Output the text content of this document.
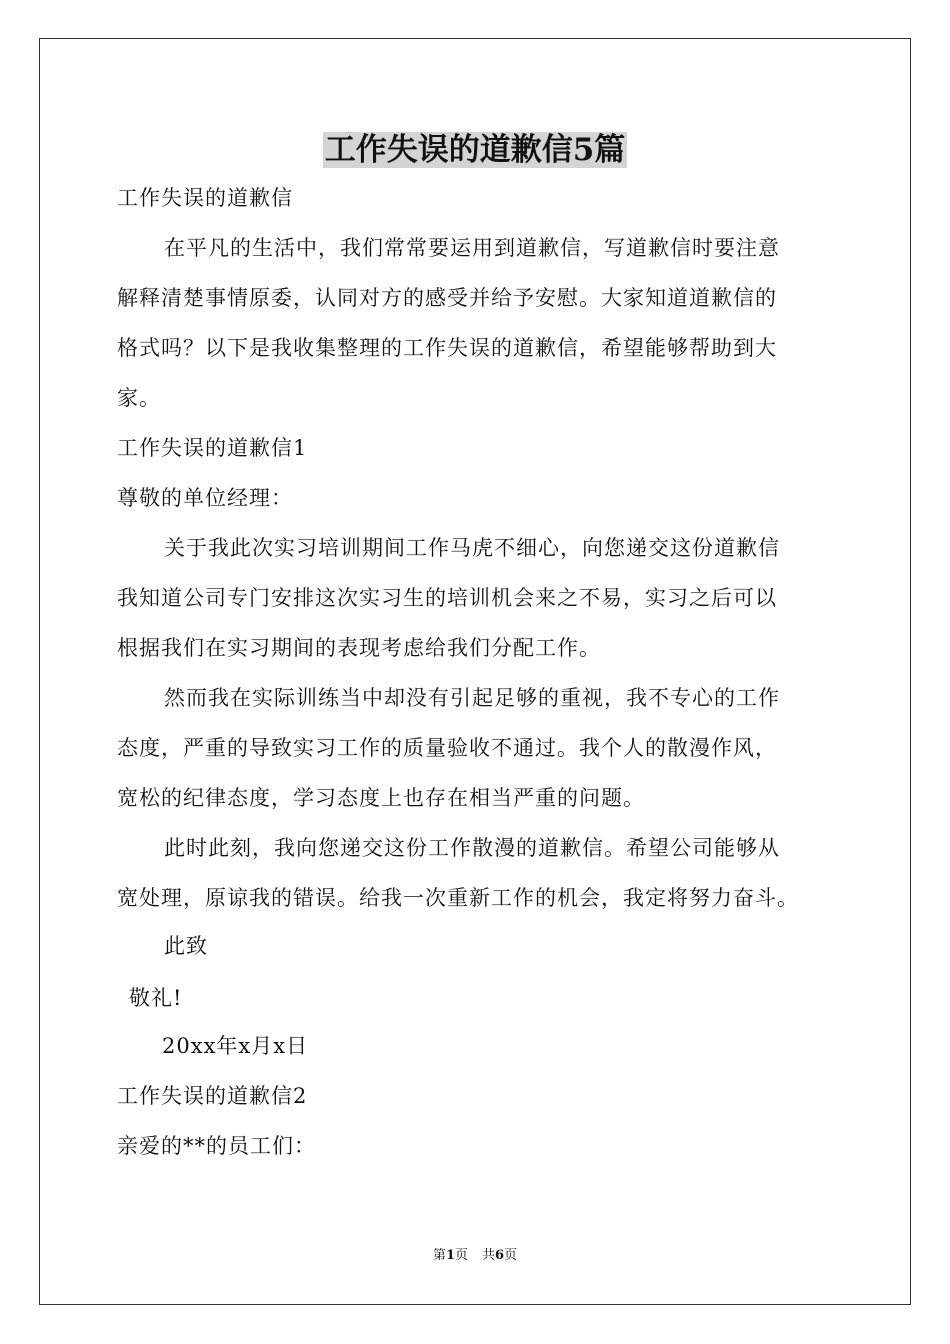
工作失误的道歉信5篇
工作失误的道歉信
在平凡的生活中，我们常常要运用到道歉信，写道歉信时要注意
解释清楚事情原委，认同对方的感受并给予安慰。大家知道道歉信的
格式吗？以下是我收集整理的工作失误的道歉信，希望能够帮助到大
家。
工作失误的道歉信1
尊敬的单位经理：
关于我此次实习培训期间工作马虎不细心，向您递交这份道歉信
我知道公司专门安排这次实习生的培训机会来之不易，实习之后可以
根据我们在实习期间的表现考虑给我们分配工作。
然而我在实际训练当中却没有引起足够的重视，我不专心的工作
态度，严重的导致实习工作的质量验收不通过。我个人的散漫作风，
宽松的纪律态度，学习态度上也存在相当严重的问题。
此时此刻，我向您递交这份工作散漫的道歉信。希望公司能够从
宽处理，原谅我的错误。给我一次重新工作的机会，我定将努力奋斗。
此致
敬礼!
20xx年x月x日
工作失误的道歉信2
亲爱的**的员工们：
第1页 共6页
